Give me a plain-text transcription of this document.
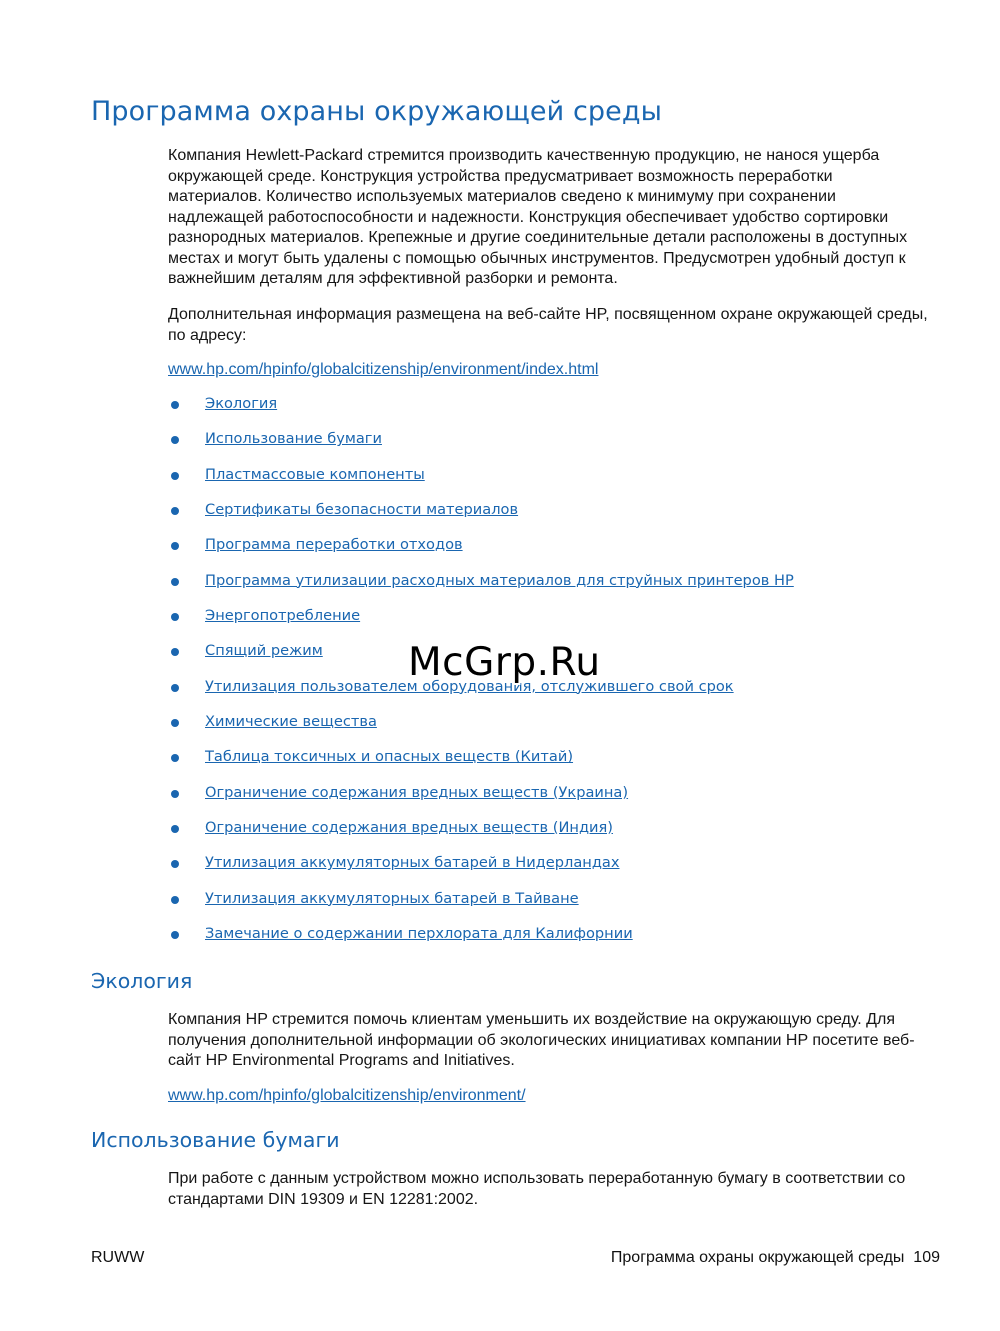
Программа охраны окружающей среды

Компания Hewlett-Packard стремится производить качественную продукцию, не нанося ущерба окружающей среде. Конструкция устройства предусматривает возможность переработки материалов. Количество используемых материалов сведено к минимуму при сохранении надлежащей работоспособности и надежности. Конструкция обеспечивает удобство сортировки разнородных материалов. Крепежные и другие соединительные детали расположены в доступных местах и могут быть удалены с помощью обычных инструментов. Предусмотрен удобный доступ к важнейшим деталям для эффективной разборки и ремонта.

Дополнительная информация размещена на веб-сайте HP, посвященном охране окружающей среды, по адресу:

www.hp.com/hpinfo/globalcitizenship/environment/index.html
Экология
Использование бумаги
Пластмассовые компоненты
Сертификаты безопасности материалов
Программа переработки отходов
Программа утилизации расходных материалов для струйных принтеров HP
Энергопотребление
Спящий режим
Утилизация пользователем оборудования, отслужившего свой срок
Химические вещества
Таблица токсичных и опасных веществ (Китай)
Ограничение содержания вредных веществ (Украина)
Ограничение содержания вредных веществ (Индия)
Утилизация аккумуляторных батарей в Нидерландах
Утилизация аккумуляторных батарей в Тайване
Замечание о содержании перхлората для Калифорнии
Экология

Компания HP стремится помочь клиентам уменьшить их воздействие на окружающую среду. Для получения дополнительной информации об экологических инициативах компании HP посетите веб-сайт HP Environmental Programs and Initiatives.

www.hp.com/hpinfo/globalcitizenship/environment/
Использование бумаги

При работе с данным устройством можно использовать переработанную бумагу в соответствии со стандартами DIN 19309 и EN 12281:2002.

RUWW	Программа охраны окружающей среды 109
McGrp.Ru
